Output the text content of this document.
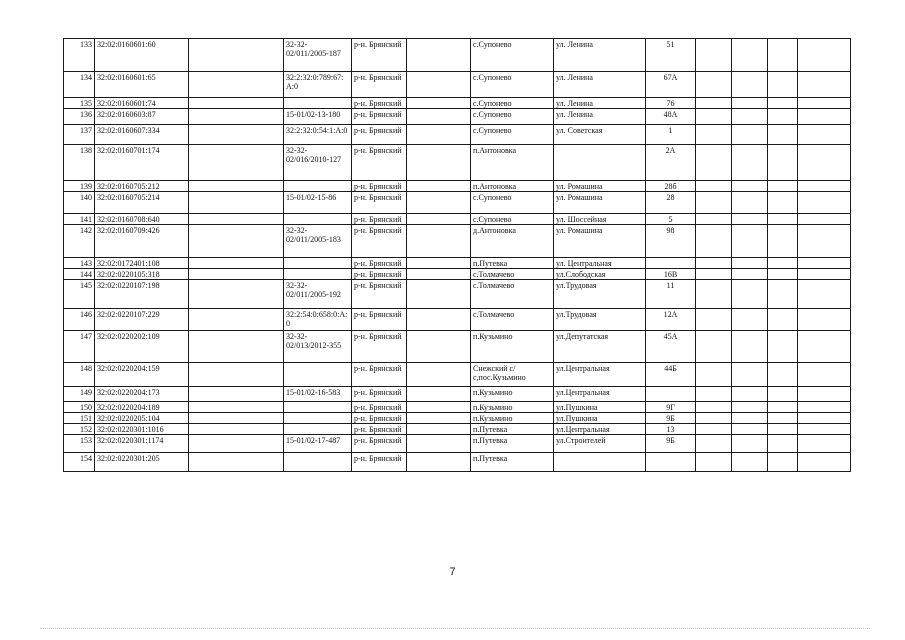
133	32:02:0160601:60		32-32-02/011/2005-187	р-н. Брянский		с.Супонево	ул. Ленина	51				
134	32:02:0160601:65		32:2:32:0:789:67:А:0	р-н. Брянский		с.Супонево	ул. Ленина	67А				
135	32:02:0160601:74			р-н. Брянский		с.Супонево	ул. Ленина	76				
136	32:02:0160603:87		15-01/02-13-180	р-н. Брянский		с.Супонево	ул. Ленина	48А				
137	32:02:0160607:334		32:2:32:0:54:1:А:0	р-н. Брянский		с.Супонево	ул. Советская	1				
138	32:02:0160701:174		32-32-02/016/2010-127	р-н. Брянский		п.Антоновка		2А				
139	32:02:0160705:212			р-н. Брянский		п.Антоновка	ул. Ромашина	28б				
140	32:02:0160705:214		15-01/02-15-86	р-н. Брянский		с.Супонево	ул. Ромашина	28				
141	32:02:0160708:640			р-н. Брянский		с.Супонево	ул. Шоссейная	5				
142	32:02:0160709:426		32-32-02/011/2005-183	р-н. Брянский		д.Антоновка	ул. Ромашина	98				
143	32:02:0172401:108			р-н. Брянский		п.Путевка	ул. Центральная					
144	32:02:0220105:318			р-н. Брянский		с.Толмачево	ул.Слободская	16В				
145	32:02:0220107:198		32-32-02/011/2005-192	р-н. Брянский		с.Толмачево	ул.Трудовая	11				
146	32:02:0220107:229		32:2:54:0:658:0:А:0	р-н. Брянский		с.Толмачево	ул.Трудовая	12А				
147	32:02:0220202:109		32-32-02/013/2012-355	р-н. Брянский		п.Кузьмино	ул.Депутатская	45А				
148	32:02:0220204:159			р-н. Брянский		Снежский с/с,пос.Кузьмино	ул.Центральная	44Б				
149	32:02:0220204:173		15-01/02-16-583	р-н. Брянский		п.Кузьмино	ул.Центральная					
150	32:02:0220204:189			р-н. Брянский		п.Кузьмино	ул.Пушкина	9Г				
151	32:02:0220205:104			р-н. Брянский		п.Кузьмино	ул.Пушкина	9Б				
152	32:02:0220301:1016			р-н. Брянский		п.Путевка	ул.Центральная	13				
153	32:02:0220301:1174		15-01/02-17-487	р-н. Брянский		п.Путевка	ул.Строителей	9Б				
154	32:02:0220301:205			р-н. Брянский		п.Путевка						
7
